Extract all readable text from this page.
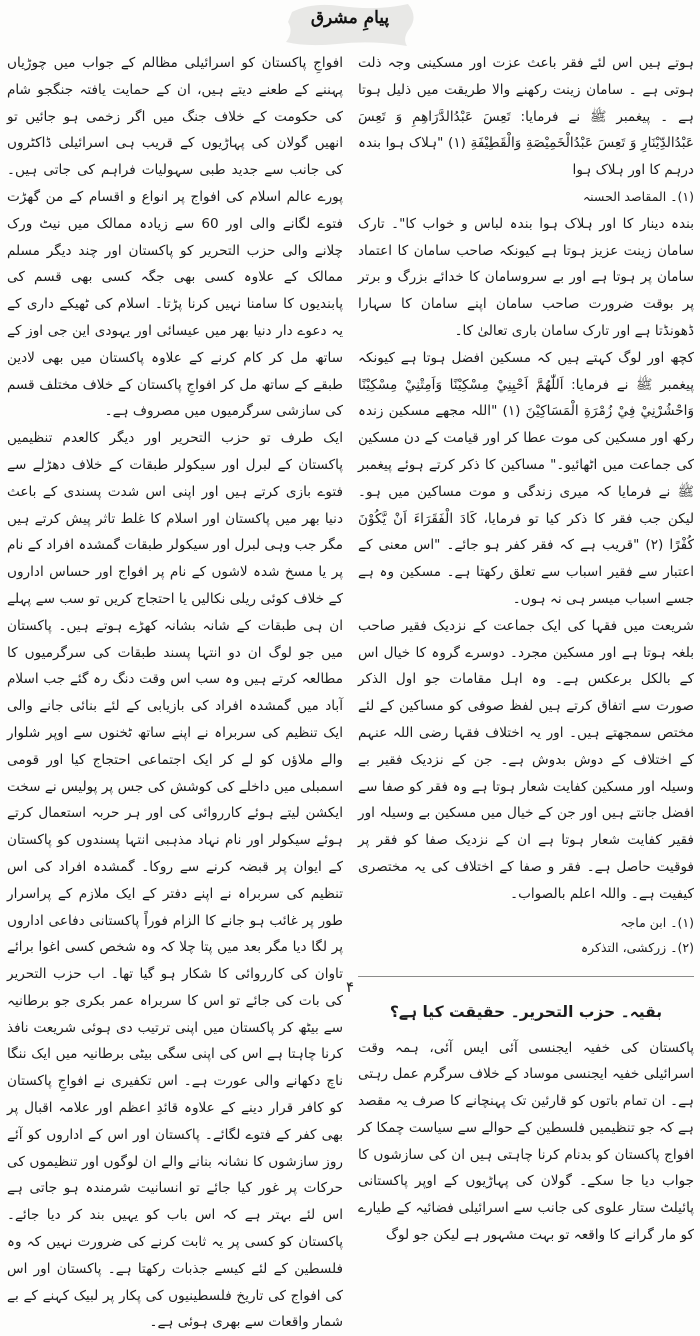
پیامِ مشرق

ہوتے ہیں اس لئے فقر باعث عزت اور مسکینی وجہ ذلت ہوتی ہے ۔ سامان زینت رکھنے والا طریقت میں ذلیل ہوتا ہے ۔ پیغمبر ﷺ نے فرمایا: تَعِسَ عَبْدُالدَّرَاهِمِ وَ تَعِسَ عَبْدُالدِّيْنَارِ وَ تَعِسَ عَبْدُالْخَمِيْصَةِ وَالْقَطِيْفَةِ (۱) "ہلاک ہوا بندہ درہم کا اور ہلاک ہوا

(۱)۔ المقاصد الحسنہ

بندہ دینار کا اور ہلاک ہوا بندہ لباس و خواب کا"۔ تارک سامان زینت عزیز ہوتا ہے کیونکہ صاحب سامان کا اعتماد سامان پر ہوتا ہے اور بے سروسامان کا خدائے بزرگ و برتر پر بوقت ضرورت صاحب سامان اپنے سامان کا سہارا ڈھونڈتا ہے اور تارک سامان باری تعالیٰ کا۔

کچھ اور لوگ کہتے ہیں کہ مسکین افضل ہوتا ہے کیونکہ پیغمبر ﷺ نے فرمایا: اَللّٰهُمَّ اَحْيِنِيْ مِسْكِيْنًا وَاَمِتْنِيْ مِسْكِيْنًا وَاحْشُرْنِيْ فِيْ زُمْرَةِ الْمَسَاكِيْنَ (۱) "اللہ مجھے مسکین زندہ رکھ اور مسکین کی موت عطا کر اور قیامت کے دن مسکین کی جماعت میں اٹھائیو۔" مساکین کا ذکر کرتے ہوئے پیغمبر ﷺ نے فرمایا کہ میری زندگی و موت مساکین میں ہو۔ لیکن جب فقر کا ذکر کیا تو فرمایا، كَادَ الْفَقَرَاءَ اَنْ يَّكُوْنَ كُفْرًا (۲) "قریب ہے کہ فقر کفر ہو جائے۔ "اس معنی کے اعتبار سے فقیر اسباب سے تعلق رکھتا ہے۔ مسکین وہ ہے جسے اسباب میسر ہی نہ ہوں۔

شریعت میں فقہا کی ایک جماعت کے نزدیک فقیر صاحب بلغہ ہوتا ہے اور مسکین مجرد۔ دوسرے گروہ کا خیال اس کے بالکل برعکس ہے۔ وہ اہل مقامات جو اول الذکر صورت سے اتفاق کرتے ہیں لفظ صوفی کو مساکین کے لئے مختص سمجھتے ہیں۔ اور یہ اختلاف فقہا رضی اللہ عنہم کے اختلاف کے دوش بدوش ہے۔ جن کے نزدیک فقیر بے وسیلہ اور مسکین کفایت شعار ہوتا ہے وہ فقر کو صفا سے افضل جانتے ہیں اور جن کے خیال میں مسکین بے وسیلہ اور فقیر کفایت شعار ہوتا ہے ان کے نزدیک صفا کو فقر پر فوقیت حاصل ہے۔ فقر و صفا کے اختلاف کی یہ مختصری کیفیت ہے۔ واللہ اعلم بالصواب۔

(۱)۔ ابن ماجہ
(۲)۔ زرکشی، التذکرہ
بقیہ۔ حزب التحریر۔ حقیقت کیا ہے؟

پاکستان کی خفیہ ایجنسی آئی ایس آئی، ہمہ وقت اسرائیلی خفیہ ایجنسی موساد کے خلاف سرگرم عمل رہتی ہے۔ ان تمام باتوں کو قارئین تک پہنچانے کا صرف یہ مقصد ہے کہ جو تنظیمیں فلسطین کے حوالے سے سیاست چمکا کر افواج پاکستان کو بدنام کرنا چاہتی ہیں ان کی سازشوں کا جواب دیا جا سکے۔ گولان کی پہاڑیوں کے اوپر پاکستانی پائیلٹ ستار علوی کی جانب سے اسرائیلی فضائیہ کے طیارے کو مار گرانے کا واقعہ تو بہت مشہور ہے لیکن جو لوگ

افواجِ پاکستان کو اسرائیلی مظالم کے جواب میں چوڑیاں پہننے کے طعنے دیتے ہیں، ان کے حمایت یافتہ جنگجو شام کی حکومت کے خلاف جنگ میں اگر زخمی ہو جائیں تو انھیں گولان کی پہاڑیوں کے قریب ہی اسرائیلی ڈاکٹروں کی جانب سے جدید طبی سہولیات فراہم کی جاتی ہیں۔ پورے عالم اسلام کی افواج پر انواع و اقسام کے من گھڑت فتوے لگانے والی اور 60 سے زیادہ ممالک میں نیٹ ورک چلانے والی حزب التحریر کو پاکستان اور چند دیگر مسلم ممالک کے علاوہ کسی بھی جگہ کسی بھی قسم کی پابندیوں کا سامنا نہیں کرنا پڑتا۔ اسلام کی ٹھیکے داری کے یہ دعوے دار دنیا بھر میں عیسائی اور یہودی این جی اوز کے ساتھ مل کر کام کرنے کے علاوہ پاکستان میں بھی لادین طبقے کے ساتھ مل کر افواجِ پاکستان کے خلاف مختلف قسم کی سازشی سرگرمیوں میں مصروف ہے۔

ایک طرف تو حزب التحریر اور دیگر کالعدم تنظیمیں پاکستان کے لبرل اور سیکولر طبقات کے خلاف دھڑلے سے فتوے بازی کرتے ہیں اور اپنی اس شدت پسندی کے باعث دنیا بھر میں پاکستان اور اسلام کا غلط تاثر پیش کرتے ہیں مگر جب وہی لبرل اور سیکولر طبقات گمشدہ افراد کے نام پر یا مسخ شدہ لاشوں کے نام پر افواج اور حساس اداروں کے خلاف کوئی ریلی نکالیں یا احتجاج کریں تو سب سے پہلے ان ہی طبقات کے شانہ بشانہ کھڑے ہوتے ہیں۔ پاکستان میں جو لوگ ان دو انتہا پسند طبقات کی سرگرمیوں کا مطالعہ کرتے ہیں وہ سب اس وقت دنگ رہ گئے جب اسلام آباد میں گمشدہ افراد کی بازیابی کے لئے بنائی جانے والی ایک تنظیم کی سربراہ نے اپنے ساتھ ٹخنوں سے اوپر شلوار والے ملاؤں کو لے کر ایک اجتماعی احتجاج کیا اور قومی اسمبلی میں داخلے کی کوشش کی جس پر پولیس نے سخت ایکشن لیتے ہوئے کارروائی کی اور ہر حربہ استعمال کرتے ہوئے سیکولر اور نام نہاد مذہبی انتہا پسندوں کو پاکستان کے ایوان پر قبضہ کرنے سے روکا۔ گمشدہ افراد کی اس تنظیم کی سربراہ نے اپنے دفتر کے ایک ملازم کے پراسرار طور پر غائب ہو جانے کا الزام فوراً پاکستانی دفاعی اداروں پر لگا دیا مگر بعد میں پتا چلا کہ وہ شخص کسی اغوا برائے تاوان کی کارروائی کا شکار ہو گیا تھا۔ اب حزب التحریر کی بات کی جائے تو اس کا سربراہ عمر بکری جو برطانیہ سے بیٹھ کر پاکستان میں اپنی ترتیب دی ہوئی شریعت نافذ کرنا چاہتا ہے اس کی اپنی سگی بیٹی برطانیہ میں ایک ننگا ناچ دکھانے والی عورت ہے۔ اس تکفیری نے افواجِ پاکستان کو کافر قرار دینے کے علاوہ قائدِ اعظم اور علامہ اقبال پر بھی کفر کے فتوے لگائے۔ پاکستان اور اس کے اداروں کو آئے روز سازشوں کا نشانہ بنانے والے ان لوگوں اور تنظیموں کی حرکات پر غور کیا جائے تو انسانیت شرمندہ ہو جاتی ہے اس لئے بہتر ہے کہ اس باب کو یہیں بند کر دیا جائے۔ پاکستان کو کسی پر یہ ثابت کرنے کی ضرورت نہیں کہ وہ فلسطین کے لئے کیسے جذبات رکھتا ہے۔ پاکستان اور اس کی افواج کی تاریخ فلسطینیوں کی پکار پر لبیک کہنے کے بے شمار واقعات سے بھری ہوئی ہے۔

۴
